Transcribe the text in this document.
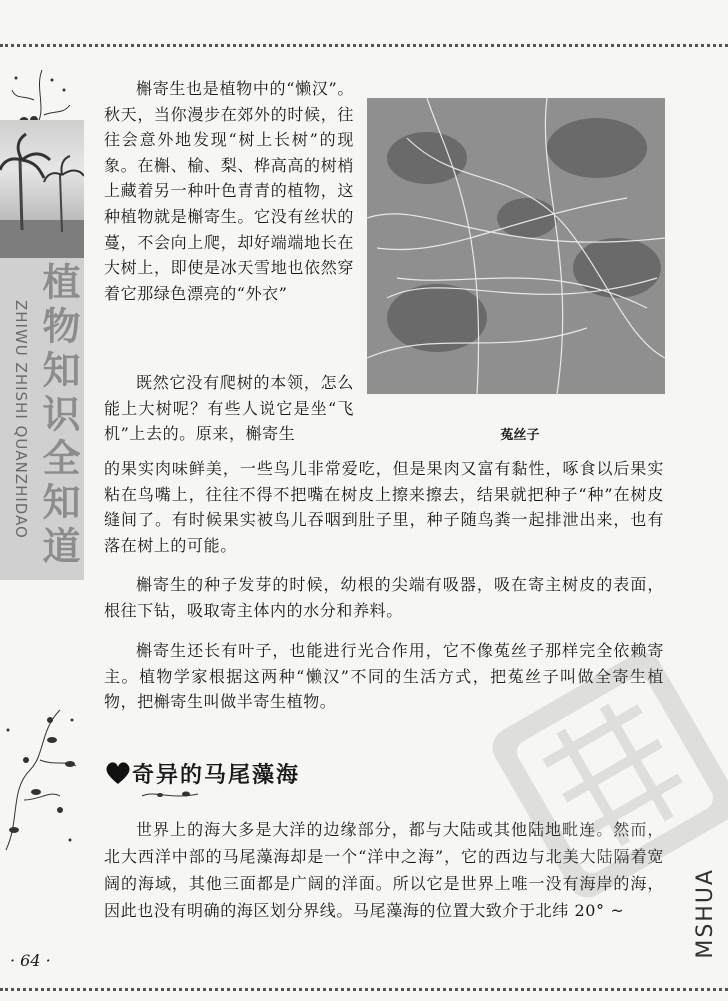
ZHIWU ZHISHI QUANZHIDAO 植物知识全知道
· 64 ·
菟丝子

槲寄生也是植物中的“懒汉”。秋天，当你漫步在郊外的时候，往往会意外地发现“树上长树”的现象。在槲、榆、梨、桦高高的树梢上藏着另一种叶色青青的植物，这种植物就是槲寄生。它没有丝状的蔓，不会向上爬，却好端端地长在大树上，即使是冰天雪地也依然穿着它那绿色漂亮的“外衣”

既然它没有爬树的本领，怎么能上大树呢？有些人说它是坐“飞机”上去的。原来，槲寄生

的果实肉味鲜美，一些鸟儿非常爱吃，但是果肉又富有黏性，啄食以后果实粘在鸟嘴上，往往不得不把嘴在树皮上擦来擦去，结果就把种子“种”在树皮缝间了。有时候果实被鸟儿吞咽到肚子里，种子随鸟粪一起排泄出来，也有落在树上的可能。

槲寄生的种子发芽的时候，幼根的尖端有吸器，吸在寄主树皮的表面，根往下钻，吸取寄主体内的水分和养料。

槲寄生还长有叶子，也能进行光合作用，它不像菟丝子那样完全依赖寄主。植物学家根据这两种“懒汉”不同的生活方式，把菟丝子叫做全寄生植物，把槲寄生叫做半寄生植物。

奇异的马尾藻海

世界上的海大多是大洋的边缘部分，都与大陆或其他陆地毗连。然而，北大西洋中部的马尾藻海却是一个“洋中之海”，它的西边与北美大陆隔着宽阔的海域，其他三面都是广阔的洋面。所以它是世界上唯一没有海岸的海，因此也没有明确的海区划分界线。马尾藻海的位置大致介于北纬 20° ~	MSHUA
